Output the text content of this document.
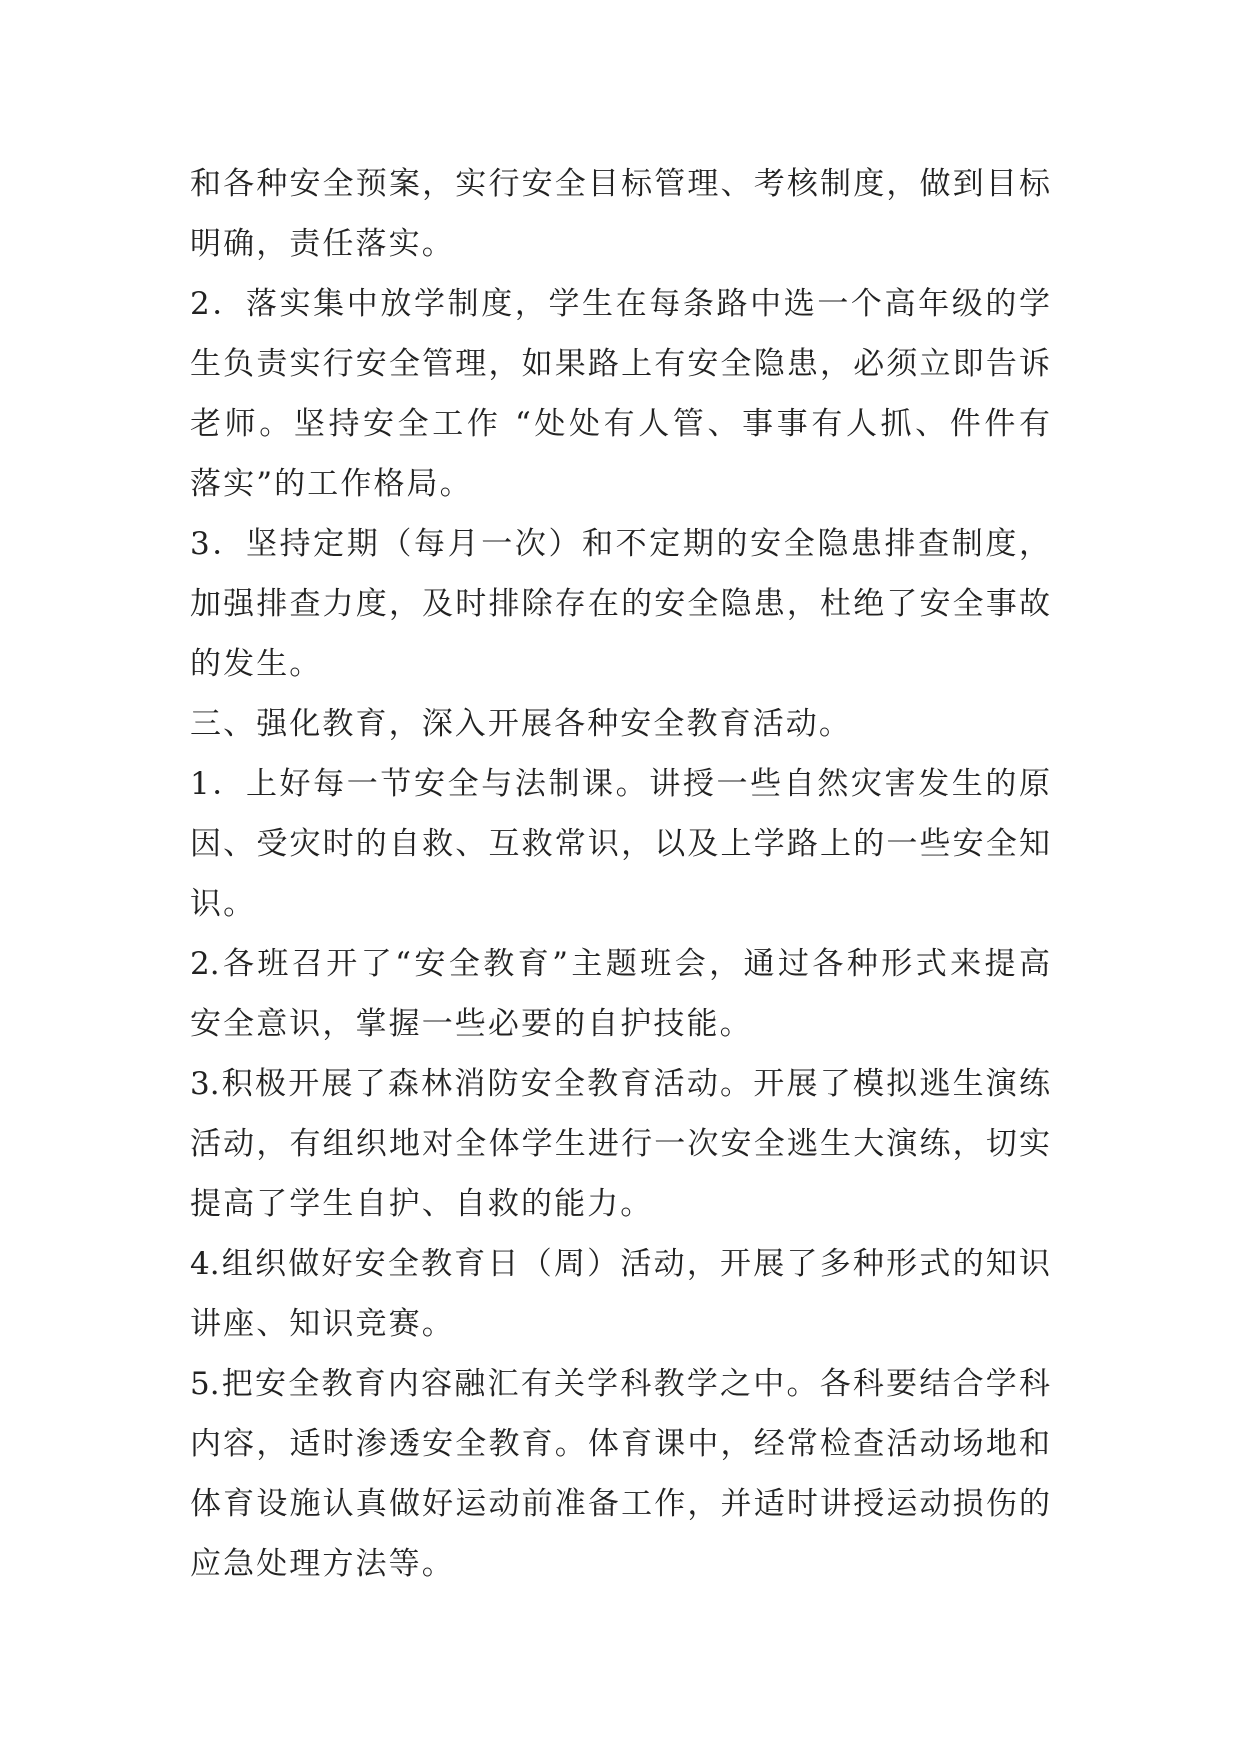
和各种安全预案，实行安全目标管理、考核制度，做到目标
明确，责任落实。
2．落实集中放学制度，学生在每条路中选一个高年级的学
生负责实行安全管理，如果路上有安全隐患，必须立即告诉
老师。坚持安全工作 “处处有人管、事事有人抓、件件有
落实”的工作格局。
3．坚持定期（每月一次）和不定期的安全隐患排查制度，
加强排查力度，及时排除存在的安全隐患，杜绝了安全事故
的发生。
三、强化教育，深入开展各种安全教育活动。
1．上好每一节安全与法制课。讲授一些自然灾害发生的原
因、受灾时的自救、互救常识，以及上学路上的一些安全知
识。
2.各班召开了“安全教育”主题班会，通过各种形式来提高
安全意识，掌握一些必要的自护技能。
3.积极开展了森林消防安全教育活动。开展了模拟逃生演练
活动，有组织地对全体学生进行一次安全逃生大演练，切实
提高了学生自护、自救的能力。
4.组织做好安全教育日（周）活动，开展了多种形式的知识
讲座、知识竞赛。
5.把安全教育内容融汇有关学科教学之中。各科要结合学科
内容，适时渗透安全教育。体育课中，经常检查活动场地和
体育设施认真做好运动前准备工作，并适时讲授运动损伤的
应急处理方法等。
